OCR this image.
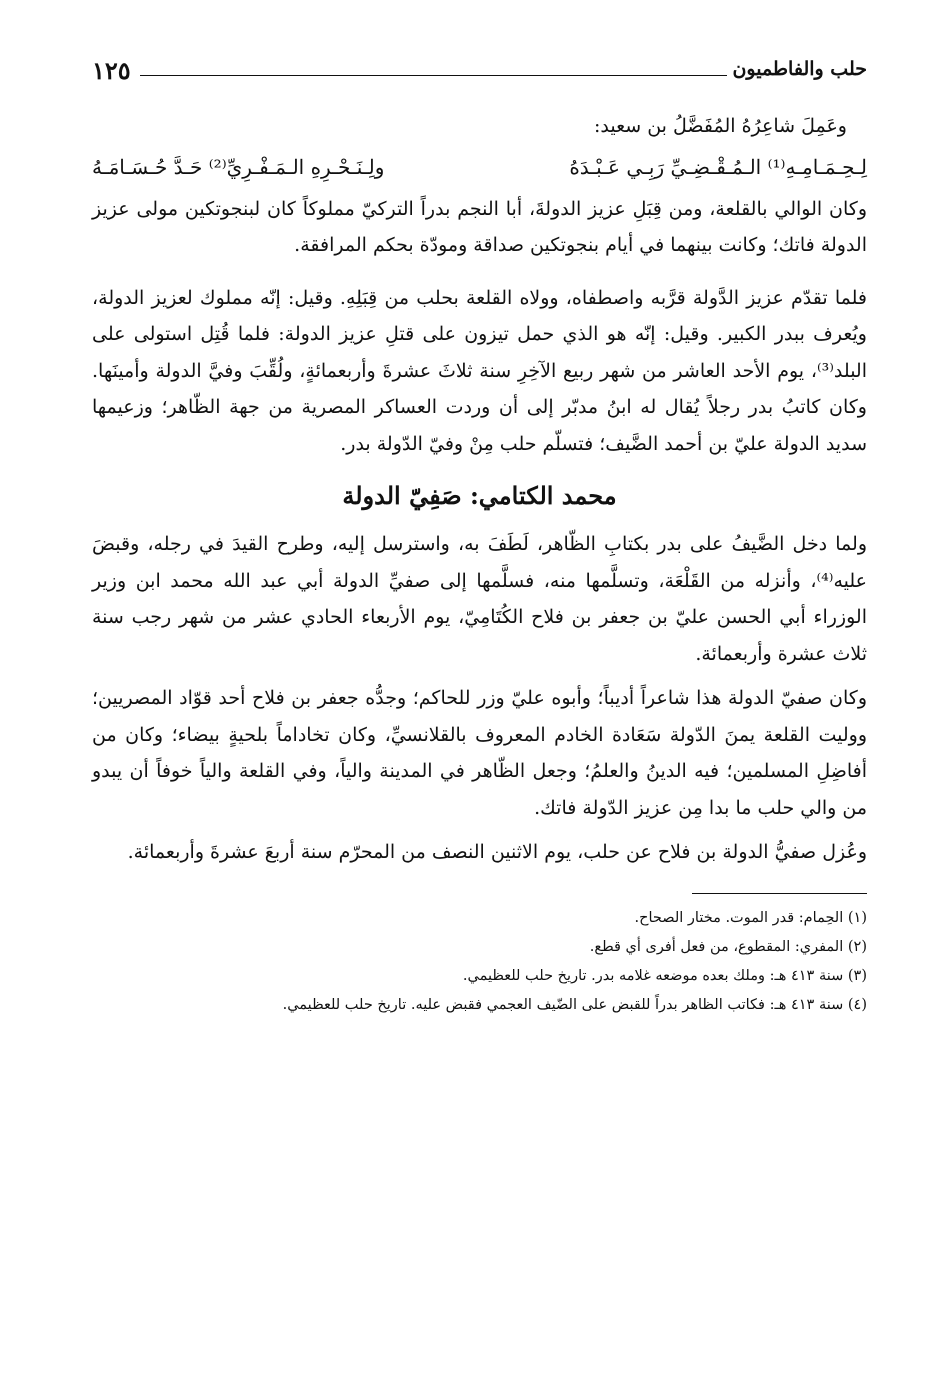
حلب والفاطميون
١٢٥

وعَمِلَ شاعِرُهُ المُفَضَّلُ بن سعيد:

لِـحِـمَـامِـهِ⁽¹⁾ الـمُـقْـضِـيِّ رَبِـي عَـبْـدَهُ
ولِـنَـحْـرِهِ الـمَـفْـرِيِّ⁽²⁾ حَـدَّ حُـسَـامَـهُ

وكان الوالي بالقلعة، ومن قِبَلِ عزيز الدولةَ، أبا النجم بدراً التركيّ مملوكاً كان لبنجوتكين مولى عزيز الدولة فاتك؛ وكانت بينهما في أيام بنجوتكين صداقة ومودّة بحكم المرافقة.

فلما تقدّم عزيز الدَّولة قرَّبه واصطفاه، وولاه القلعة بحلب من قِبَلِهِ. وقيل: إنّه مملوك لعزيز الدولة، ويُعرف ببدر الكبير. وقيل: إنّه هو الذي حمل تيزون على قتلِ عزيز الدولة: فلما قُتِل استولى على البلد⁽³⁾، يوم الأحد العاشر من شهر ربيع الآخِرِ سنة ثلاثَ عشرةَ وأربعمائةٍ، ولُقِّبَ وفيَّ الدولة وأمينَها. وكان كاتبُ بدر رجلاً يُقال له ابنُ مدبّر إلى أن وردت العساكر المصرية من جهة الظّاهر؛ وزعيمها سديد الدولة عليّ بن أحمد الضَّيف؛ فتسلّم حلب مِنْ وفيّ الدّولة بدر.

محمد الكتامي: صَفِيّ الدولة

ولما دخل الضَّيفُ على بدر بكتابِ الظّاهر، لَطَفَ به، واسترسل إليه، وطرح القيدَ في رجله، وقبضَ عليه⁽⁴⁾، وأنزله من القَلْعَة، وتسلَّمها منه، فسلَّمها إلى صفيِّ الدولة أبي عبد الله محمد ابن وزير الوزراء أبي الحسن عليّ بن جعفر بن فلاح الكُتَامِيّ، يوم الأربعاء الحادي عشر من شهر رجب سنة ثلاث عشرة وأربعمائة.

وكان صفيّ الدولة هذا شاعراً أديباً؛ وأبوه عليّ وزر للحاكم؛ وجدُّه جعفر بن فلاح أحد قوّاد المصريين؛ ووليت القلعة يمنَ الدّولة سَعَادة الخادم المعروف بالقلانسيِّ، وكان تخاداماً بلحيةٍ بيضاء؛ وكان من أفاضِلِ المسلمين؛ فيه الدينُ والعلمُ؛ وجعل الظّاهر في المدينة والياً، وفي القلعة والياً خوفاً أن يبدو من والي حلب ما بدا مِن عزيز الدّولة فاتك.

وعُزل صفيُّ الدولة بن فلاح عن حلب، يوم الاثنين النصف من المحرّم سنة أربعَ عشرةَ وأربعمائة.

(١) الحِمام: قدر الموت. مختار الصحاح.

(٢) المفري: المقطوع، من فعل أفرى أي قطع.

(٣) سنة ٤١٣ هـ: وملك بعده موضعه غلامه بدر. تاريخ حلب للعظيمي.

(٤) سنة ٤١٣ هـ: فكاتب الظاهر بدراً للقبض على الضّيف العجمي فقبض عليه. تاريخ حلب للعظيمي.
